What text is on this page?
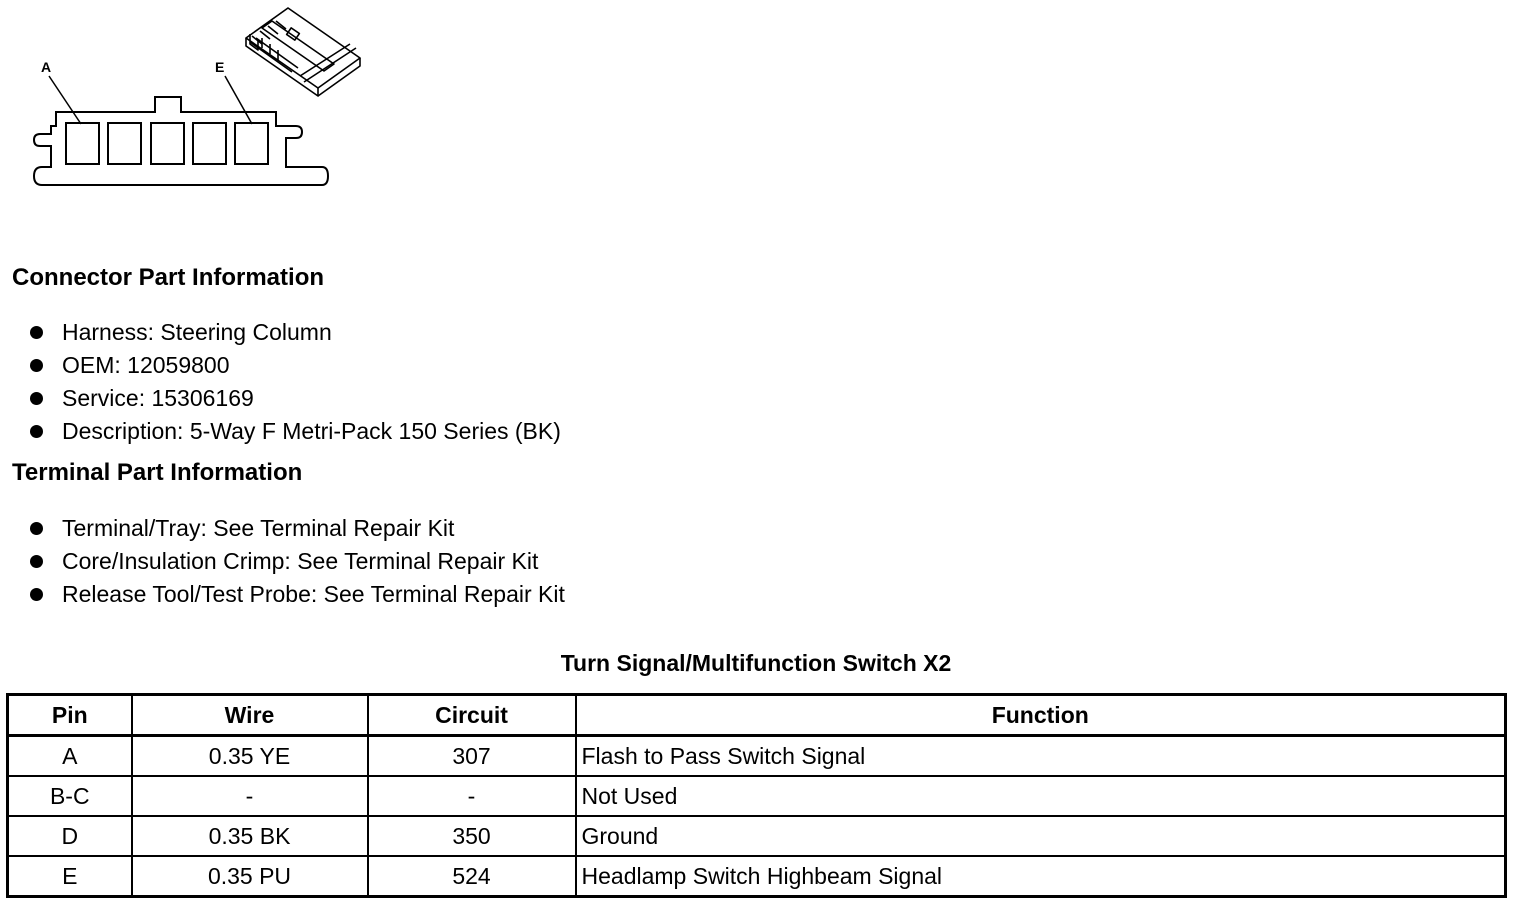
A	E
Connector Part Information
Harness: Steering Column
OEM: 12059800
Service: 15306169
Description: 5-Way F Metri-Pack 150 Series (BK)
Terminal Part Information
Terminal/Tray: See Terminal Repair Kit
Core/Insulation Crimp: See Terminal Repair Kit
Release Tool/Test Probe: See Terminal Repair Kit
Turn Signal/Multifunction Switch X2
Pin	Wire	Circuit	Function
A	0.35 YE	307	Flash to Pass Switch Signal
B-C	-	-	Not Used
D	0.35 BK	350	Ground
E	0.35 PU	524	Headlamp Switch Highbeam Signal
